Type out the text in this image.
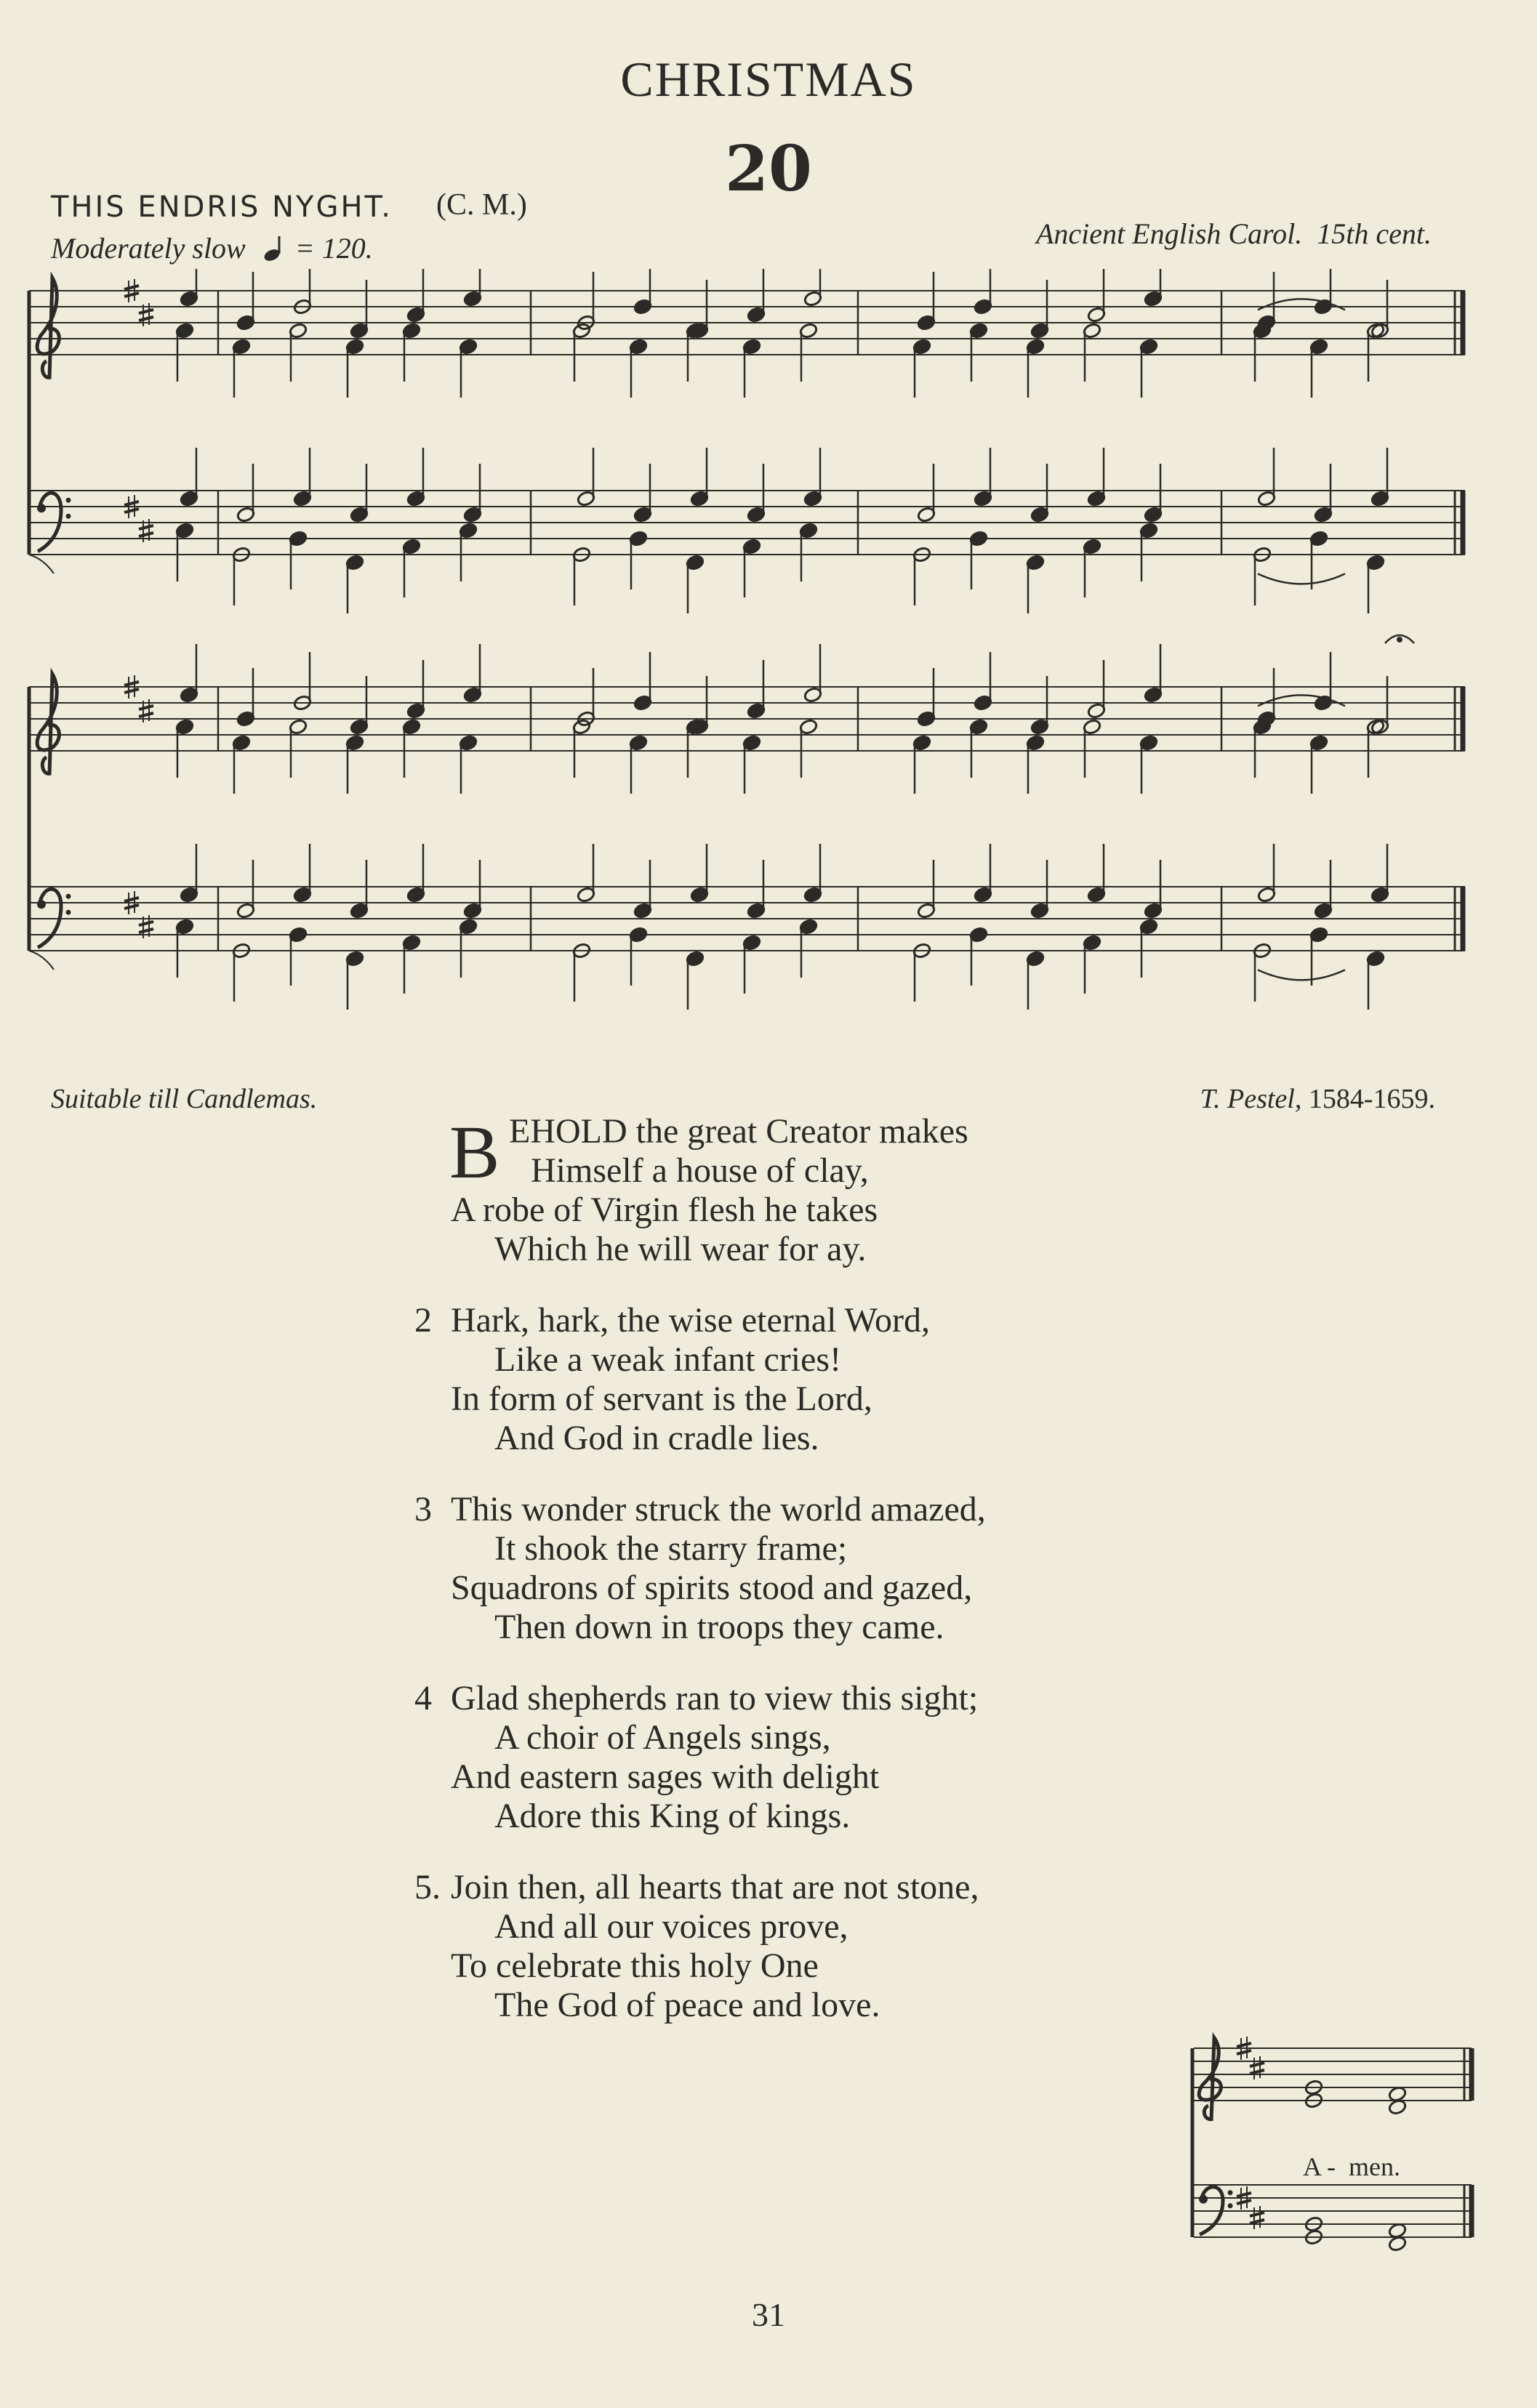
CHRISTMAS
20
THIS ENDRIS NYGHT. (C. M.)
Moderately slow = 120.	Ancient English Carol. 15th cent.
Suitable till Candlemas.	T. Pestel, 1584-1659.
B EHOLD the great Creator makes
Himself a house of clay,
A robe of Virgin flesh he takes
Which he will wear for ay.
2 Hark, hark, the wise eternal Word,
Like a weak infant cries!
In form of servant is the Lord,
And God in cradle lies.
3 This wonder struck the world amazed,
It shook the starry frame;
Squadrons of spirits stood and gazed,
Then down in troops they came.
4 Glad shepherds ran to view this sight;
A choir of Angels sings,
And eastern sages with delight
Adore this King of kings.
5. Join then, all hearts that are not stone,
And all our voices prove,
To celebrate this holy One
The God of peace and love.
A - men.
31
